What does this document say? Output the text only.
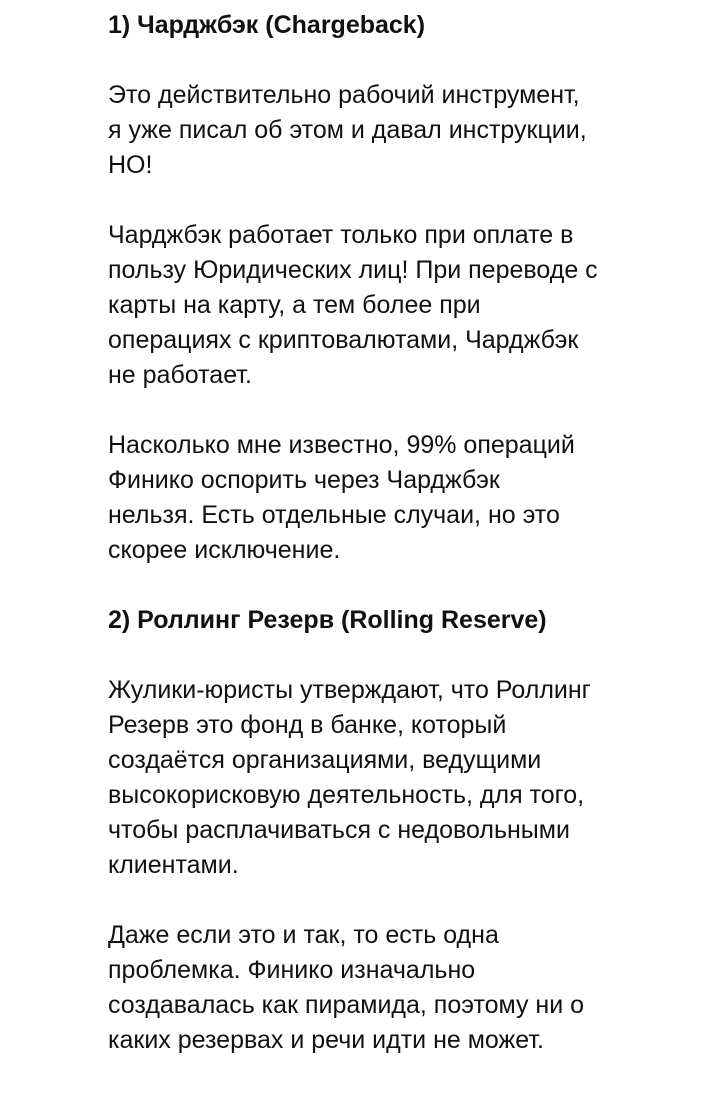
1) Чарджбэк (Chargeback)
Это действительно рабочий инструмент,
я уже писал об этом и давал инструкции,
НО!
Чарджбэк работает только при оплате в
пользу Юридических лиц! При переводе с
карты на карту, а тем более при
операциях с криптовалютами, Чарджбэк
не работает.
Насколько мне известно, 99% операций
Финико оспорить через Чарджбэк
нельзя. Есть отдельные случаи, но это
скорее исключение.
2) Роллинг Резерв (Rolling Reserve)
Жулики-юристы утверждают, что Роллинг
Резерв это фонд в банке, который
создаётся организациями, ведущими
высокорисковую деятельность, для того,
чтобы расплачиваться с недовольными
клиентами.
Даже если это и так, то есть одна
проблемка. Финико изначально
создавалась как пирамида, поэтому ни о
каких резервах и речи идти не может.
